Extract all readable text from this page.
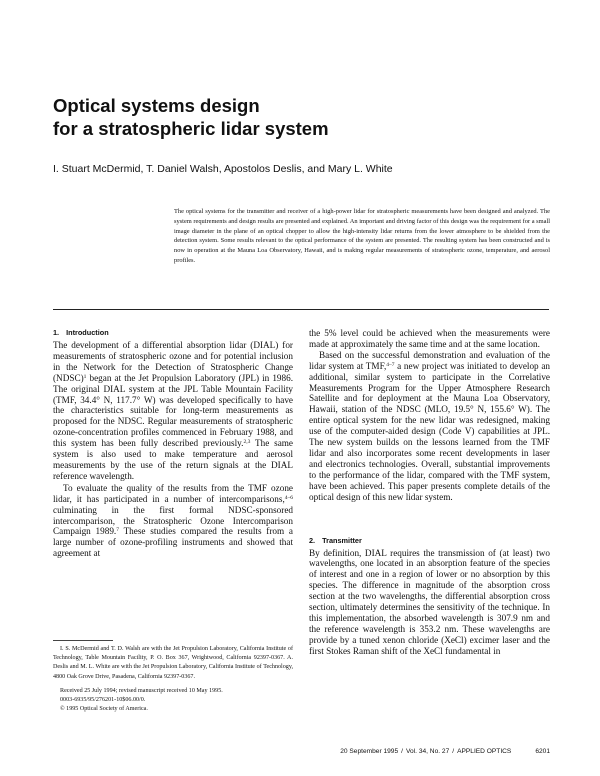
Optical systems design
for a stratospheric lidar system
I. Stuart McDermid, T. Daniel Walsh, Apostolos Deslis, and Mary L. White
The optical systems for the transmitter and receiver of a high-power lidar for stratospheric measurements have been designed and analyzed. The system requirements and design results are presented and explained. An important and driving factor of this design was the requirement for a small image diameter in the plane of an optical chopper to allow the high-intensity lidar returns from the lower atmosphere to be shielded from the detection system. Some results relevant to the optical performance of the system are presented. The resulting system has been constructed and is now in operation at the Mauna Loa Observatory, Hawaii, and is making regular measurements of stratospheric ozone, temperature, and aerosol profiles.
1. Introduction

The development of a differential absorption lidar (DIAL) for measurements of stratospheric ozone and for potential inclusion in the Network for the Detection of Stratospheric Change (NDSC)$^1$ began at the Jet Propulsion Laboratory (JPL) in 1986. The original DIAL system at the JPL Table Mountain Facility (TMF, 34.4° N, 117.7° W) was developed specifically to have the characteristics suitable for long-term measurements as proposed for the NDSC. Regular measurements of stratospheric ozone-concentration profiles commenced in February 1988, and this system has been fully described previously.$^{2,3}$ The same system is also used to make temperature and aerosol measurements by the use of the return signals at the DIAL reference wavelength.

To evaluate the quality of the results from the TMF ozone lidar, it has participated in a number of intercomparisons,$^{4-6}$ culminating in the first formal NDSC-sponsored intercomparison, the Stratospheric Ozone Intercomparison Campaign 1989.$^7$ These studies compared the results from a large number of ozone-profiling instruments and showed that agreement at

the 5% level could be achieved when the measurements were made at approximately the same time and at the same location.

Based on the successful demonstration and evaluation of the lidar system at TMF,$^{4-7}$ a new project was initiated to develop an additional, similar system to participate in the Correlative Measurements Program for the Upper Atmosphere Research Satellite and for deployment at the Mauna Loa Observatory, Hawaii, station of the NDSC (MLO, 19.5° N, 155.6° W). The entire optical system for the new lidar was redesigned, making use of the computer-aided design (Code V) capabilities at JPL. The new system builds on the lessons learned from the TMF lidar and also incorporates some recent developments in laser and electronics technologies. Overall, substantial improvements to the performance of the lidar, compared with the TMF system, have been achieved. This paper presents complete details of the optical design of this new lidar system.

2. Transmitter

By definition, DIAL requires the transmission of (at least) two wavelengths, one located in an absorption feature of the species of interest and one in a region of lower or no absorption by this species. The difference in magnitude of the absorption cross section at the two wavelengths, the differential absorption cross section, ultimately determines the sensitivity of the technique. In this implementation, the absorbed wavelength is 307.9 nm and the reference wavelength is 353.2 nm. These wavelengths are provide by a tuned xenon chloride (XeCl) excimer laser and the first Stokes Raman shift of the XeCl fundamental in

I. S. McDermid and T. D. Walsh are with the Jet Propulsion Laboratory, California Institute of Technology, Table Mountain Facility, P. O. Box 367, Wrightwood, California 92397-0367. A. Deslis and M. L. White are with the Jet Propulsion Laboratory, California Institute of Technology, 4800 Oak Grove Drive, Pasadena, California 92397-0367.

Received 25 July 1994; revised manuscript received 10 May 1995.
0003-6935/95/276201-10$06.00/0.
© 1995 Optical Society of America.
20 September 1995 / Vol. 34, No. 27 / APPLIED OPTICS	6201
